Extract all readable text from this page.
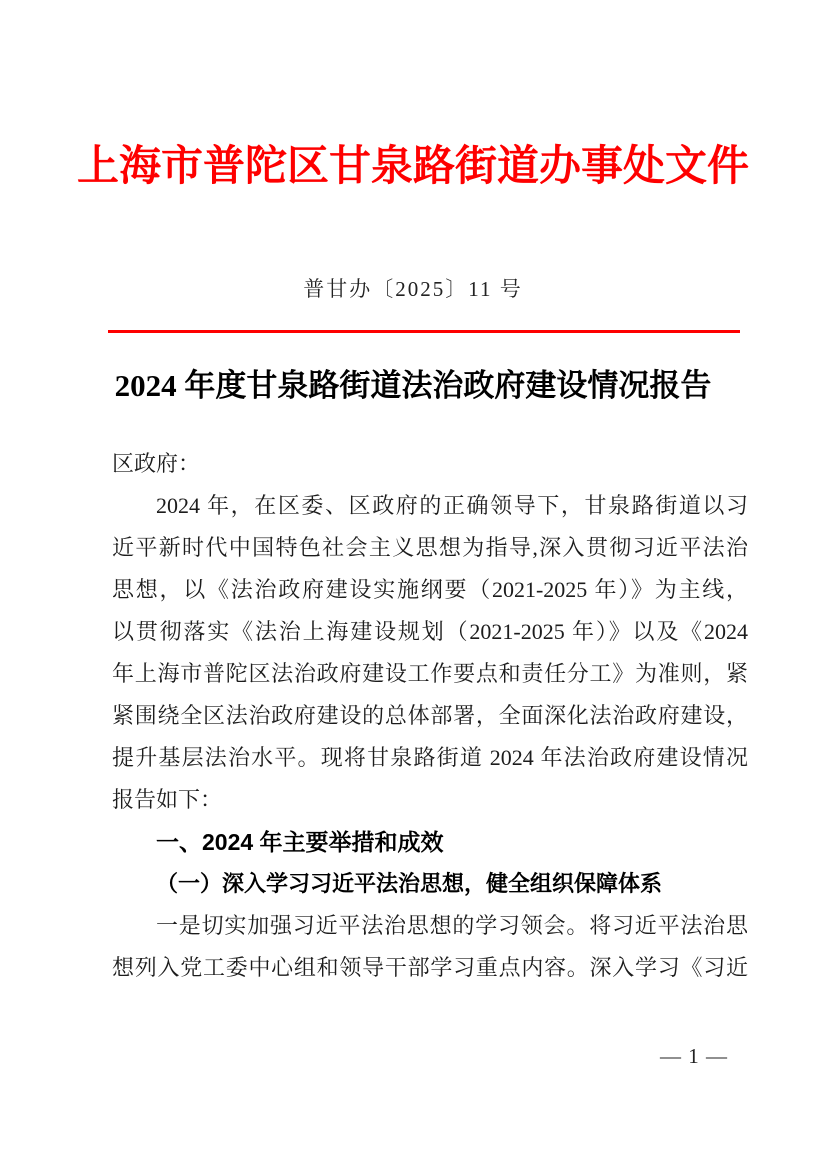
上海市普陀区甘泉路街道办事处文件
普甘办〔2025〕11 号
2024 年度甘泉路街道法治政府建设情况报告
区政府：
2024 年，在区委、区政府的正确领导下，甘泉路街道以习
近平新时代中国特色社会主义思想为指导,深入贯彻习近平法治
思想，以《法治政府建设实施纲要（2021-2025 年）》为主线，
以贯彻落实《法治上海建设规划（2021-2025 年）》以及《2024
年上海市普陀区法治政府建设工作要点和责任分工》为准则，紧
紧围绕全区法治政府建设的总体部署，全面深化法治政府建设，
提升基层法治水平。现将甘泉路街道 2024 年法治政府建设情况
报告如下：
一、2024 年主要举措和成效
（一）深入学习习近平法治思想，健全组织保障体系
一是切实加强习近平法治思想的学习领会。将习近平法治思
想列入党工委中心组和领导干部学习重点内容。深入学习《习近
— 1 —
